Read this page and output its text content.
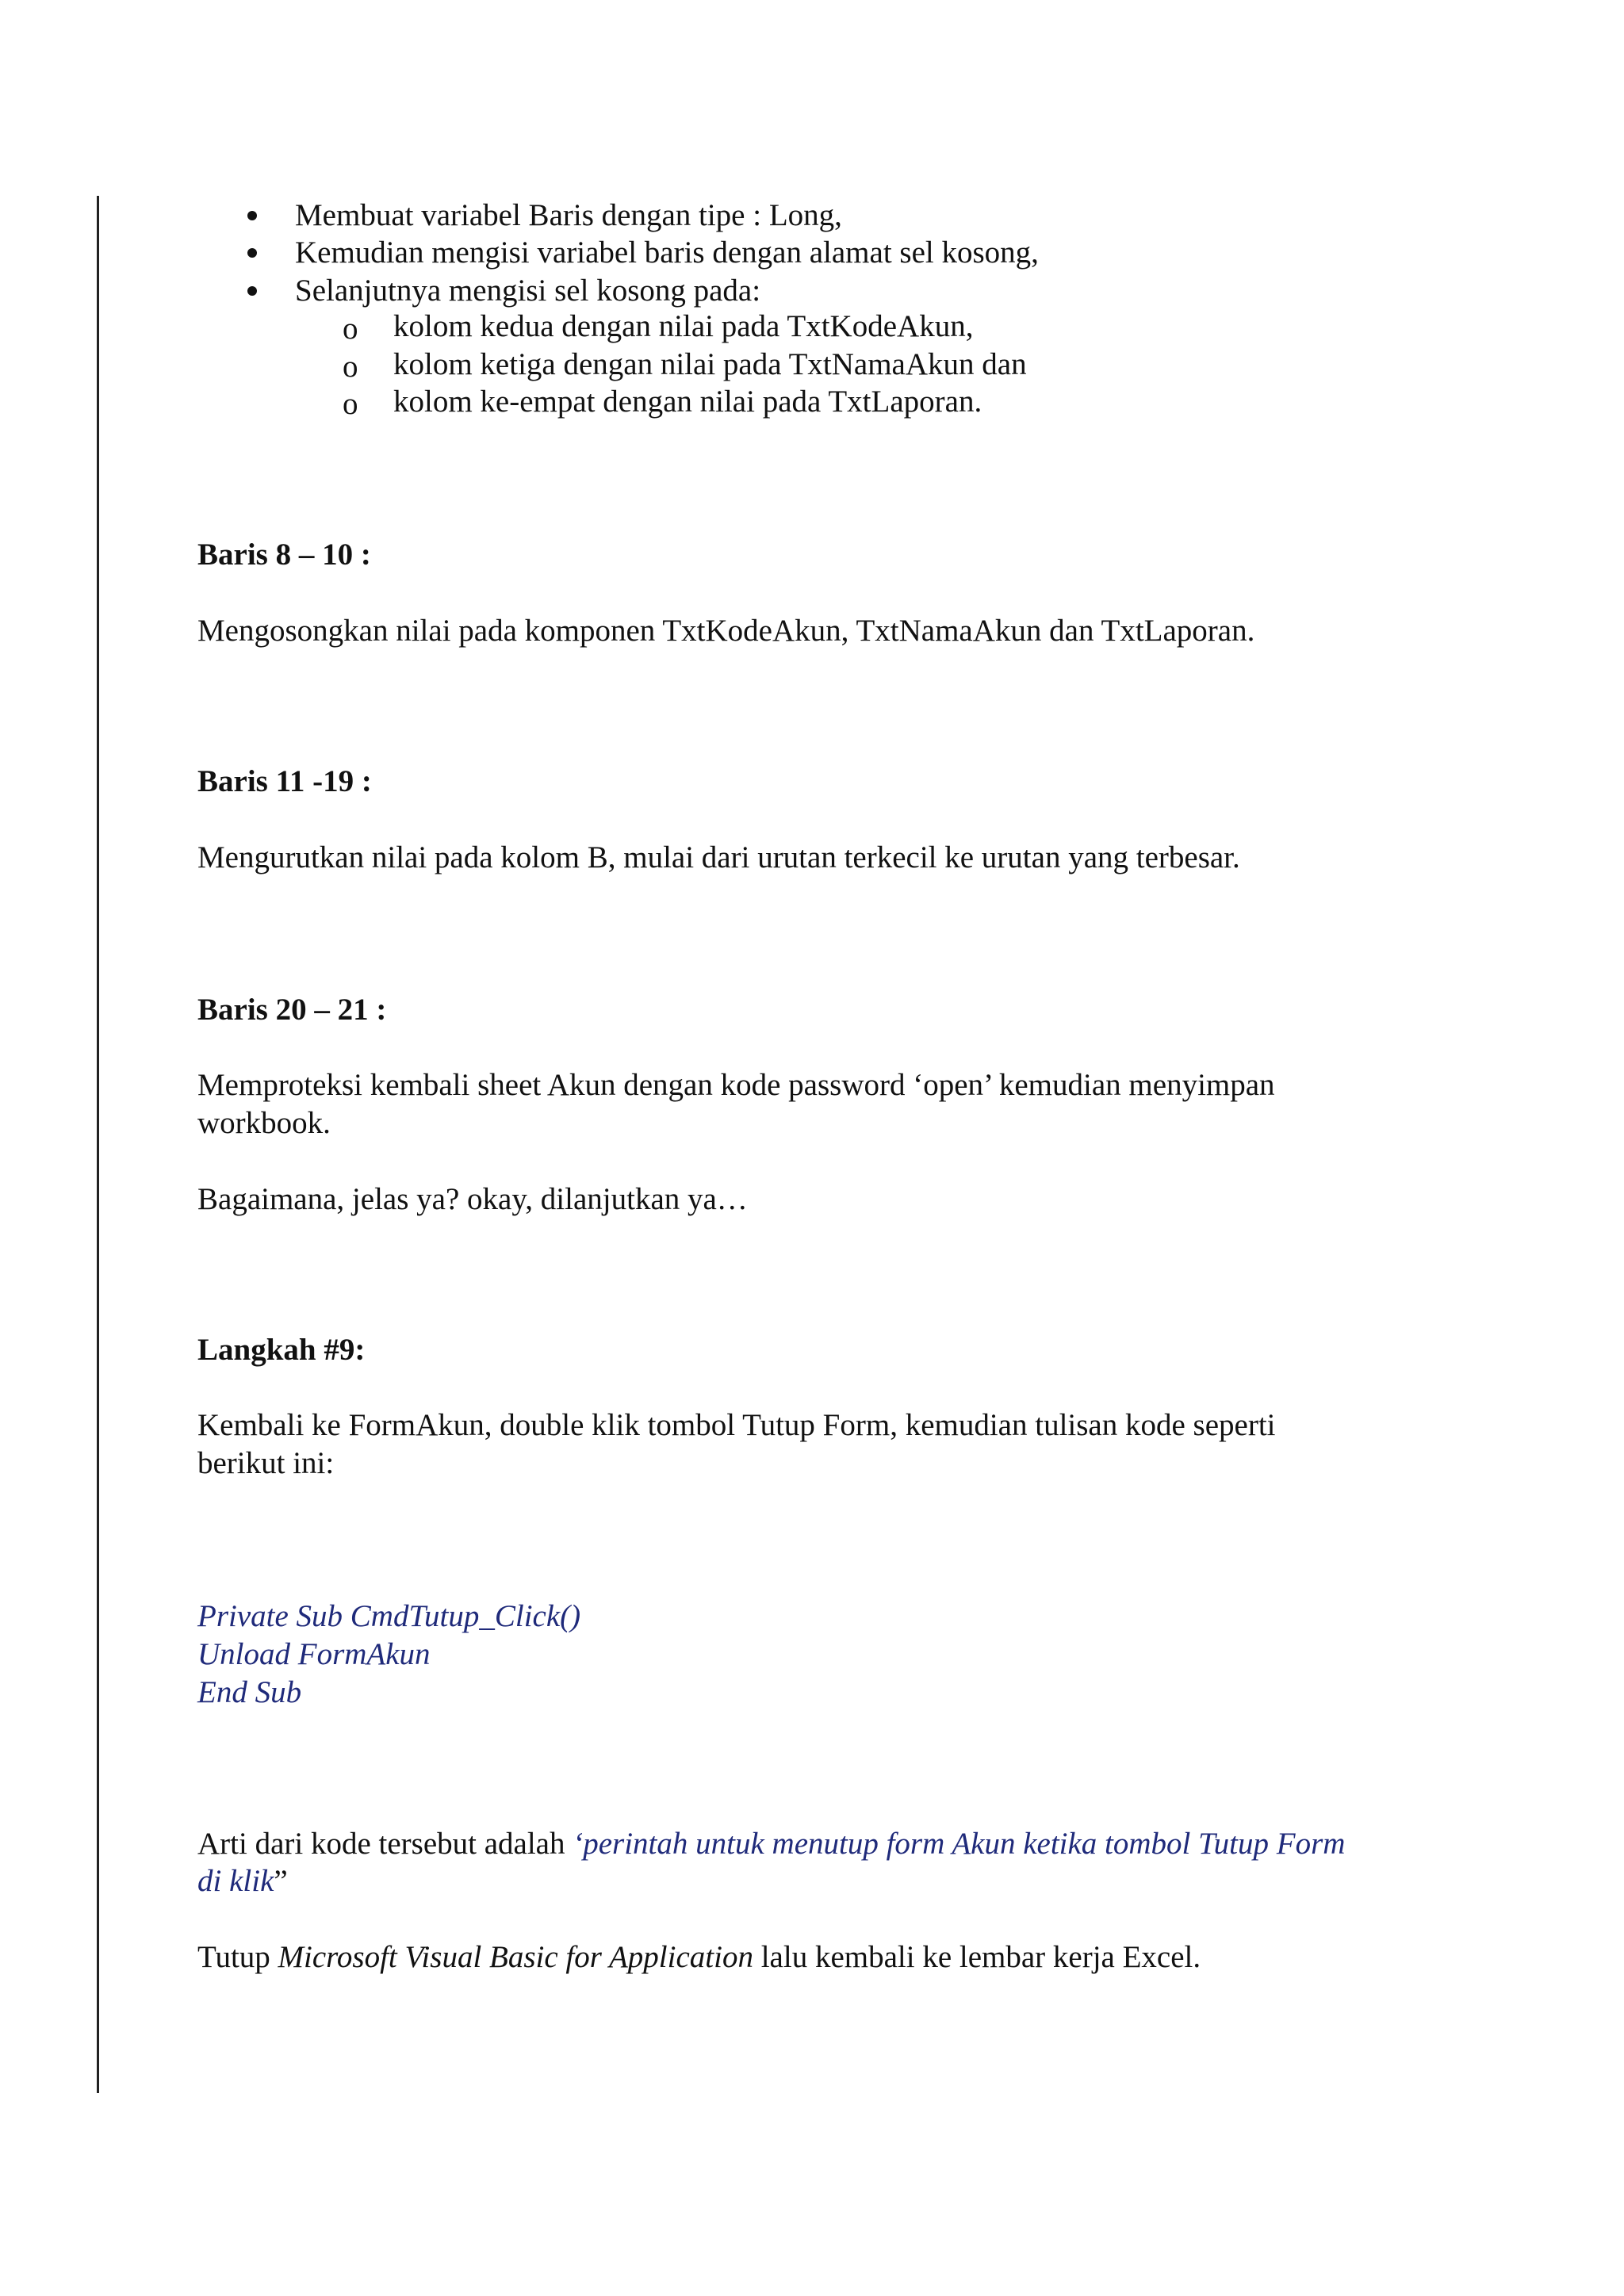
Membuat variabel Baris dengan tipe : Long,
Kemudian mengisi variabel baris dengan alamat sel kosong,
Selanjutnya mengisi sel kosong pada:
o kolom kedua dengan nilai pada TxtKodeAkun,
o kolom ketiga dengan nilai pada TxtNamaAkun dan
o kolom ke-empat dengan nilai pada TxtLaporan.
Baris 8 – 10 :
Mengosongkan nilai pada komponen TxtKodeAkun, TxtNamaAkun dan TxtLaporan.
Baris 11 -19 :
Mengurutkan nilai pada kolom B, mulai dari urutan terkecil ke urutan yang terbesar.
Baris 20 – 21 :
Memproteksi kembali sheet Akun dengan kode password ‘open’ kemudian menyimpan
workbook.
Bagaimana, jelas ya? okay, dilanjutkan ya…
Langkah #9:
Kembali ke FormAkun, double klik tombol Tutup Form, kemudian tulisan kode seperti
berikut ini:
Private Sub CmdTutup_Click()
Unload FormAkun
End Sub
Arti dari kode tersebut adalah ‘perintah untuk menutup form Akun ketika tombol Tutup Form
di klik”
Tutup Microsoft Visual Basic for Application lalu kembali ke lembar kerja Excel.
